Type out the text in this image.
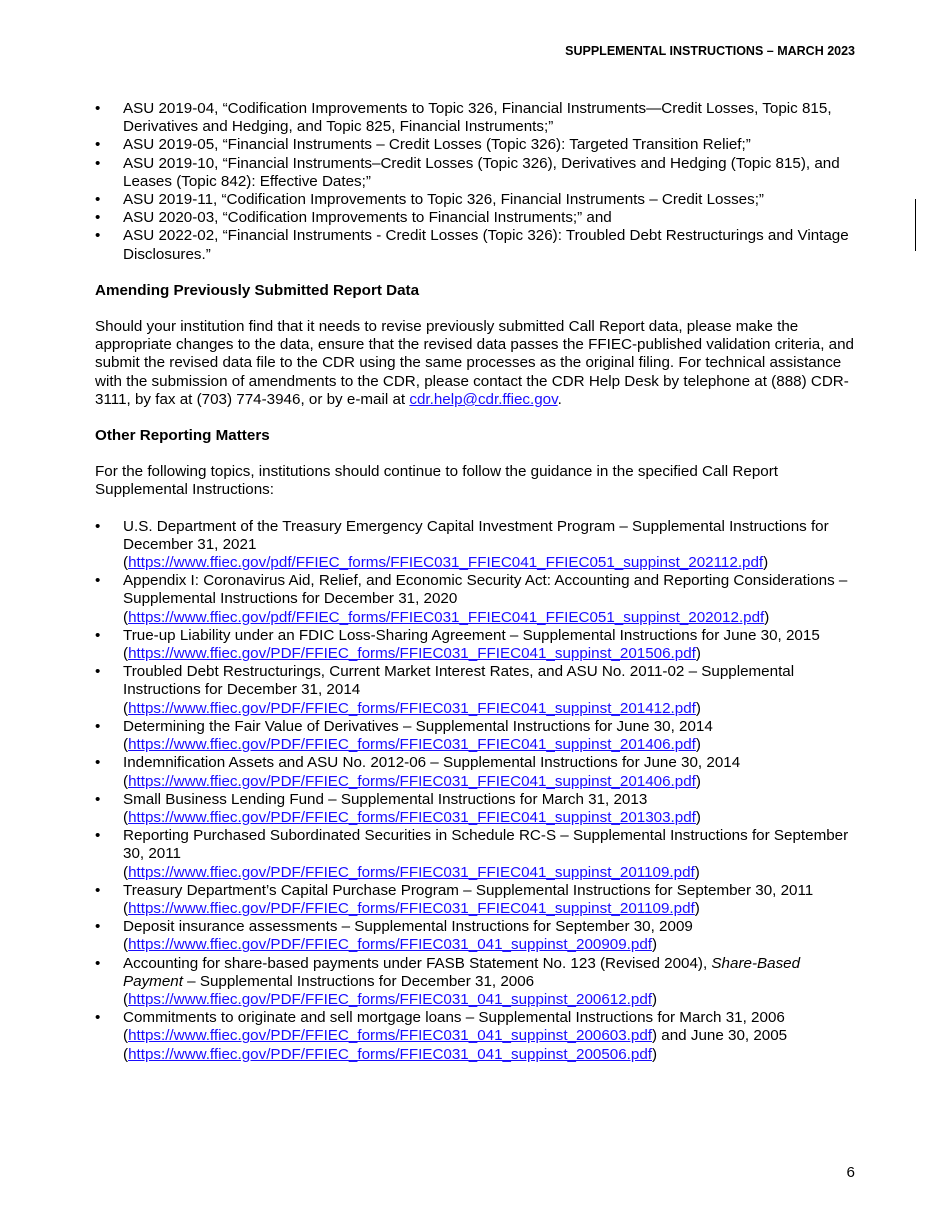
SUPPLEMENTAL INSTRUCTIONS – MARCH 2023
• ASU 2019-04, “Codification Improvements to Topic 326, Financial Instruments—Credit Losses, Topic 815, Derivatives and Hedging, and Topic 825, Financial Instruments;”
• ASU 2019-05, “Financial Instruments – Credit Losses (Topic 326): Targeted Transition Relief;”
• ASU 2019-10, “Financial Instruments–Credit Losses (Topic 326), Derivatives and Hedging (Topic 815), and Leases (Topic 842): Effective Dates;”
• ASU 2019-11, “Codification Improvements to Topic 326, Financial Instruments – Credit Losses;”
• ASU 2020-03, “Codification Improvements to Financial Instruments;” and
• ASU 2022-02, “Financial Instruments - Credit Losses (Topic 326): Troubled Debt Restructurings and Vintage Disclosures.”
Amending Previously Submitted Report Data

Should your institution find that it needs to revise previously submitted Call Report data, please make the appropriate changes to the data, ensure that the revised data passes the FFIEC-published validation criteria, and submit the revised data file to the CDR using the same processes as the original filing. For technical assistance with the submission of amendments to the CDR, please contact the CDR Help Desk by telephone at (888) CDR-3111, by fax at (703) 774-3946, or by e-mail at cdr.help@cdr.ffiec.gov.

Other Reporting Matters

For the following topics, institutions should continue to follow the guidance in the specified Call Report Supplemental Instructions:

• U.S. Department of the Treasury Emergency Capital Investment Program – Supplemental Instructions for December 31, 2021
(https://www.ffiec.gov/pdf/FFIEC_forms/FFIEC031_FFIEC041_FFIEC051_suppinst_202112.pdf)
• Appendix I: Coronavirus Aid, Relief, and Economic Security Act: Accounting and Reporting Considerations – Supplemental Instructions for December 31, 2020
(https://www.ffiec.gov/pdf/FFIEC_forms/FFIEC031_FFIEC041_FFIEC051_suppinst_202012.pdf)
• True-up Liability under an FDIC Loss-Sharing Agreement – Supplemental Instructions for June 30, 2015
(https://www.ffiec.gov/PDF/FFIEC_forms/FFIEC031_FFIEC041_suppinst_201506.pdf)
• Troubled Debt Restructurings, Current Market Interest Rates, and ASU No. 2011-02 – Supplemental Instructions for December 31, 2014
(https://www.ffiec.gov/PDF/FFIEC_forms/FFIEC031_FFIEC041_suppinst_201412.pdf)
• Determining the Fair Value of Derivatives – Supplemental Instructions for June 30, 2014
(https://www.ffiec.gov/PDF/FFIEC_forms/FFIEC031_FFIEC041_suppinst_201406.pdf)
• Indemnification Assets and ASU No. 2012-06 – Supplemental Instructions for June 30, 2014
(https://www.ffiec.gov/PDF/FFIEC_forms/FFIEC031_FFIEC041_suppinst_201406.pdf)
• Small Business Lending Fund – Supplemental Instructions for March 31, 2013
(https://www.ffiec.gov/PDF/FFIEC_forms/FFIEC031_FFIEC041_suppinst_201303.pdf)
• Reporting Purchased Subordinated Securities in Schedule RC-S – Supplemental Instructions for September 30, 2011
(https://www.ffiec.gov/PDF/FFIEC_forms/FFIEC031_FFIEC041_suppinst_201109.pdf)
• Treasury Department’s Capital Purchase Program – Supplemental Instructions for September 30, 2011
(https://www.ffiec.gov/PDF/FFIEC_forms/FFIEC031_FFIEC041_suppinst_201109.pdf)
• Deposit insurance assessments – Supplemental Instructions for September 30, 2009
(https://www.ffiec.gov/PDF/FFIEC_forms/FFIEC031_041_suppinst_200909.pdf)
• Accounting for share-based payments under FASB Statement No. 123 (Revised 2004), Share-Based Payment – Supplemental Instructions for December 31, 2006
(https://www.ffiec.gov/PDF/FFIEC_forms/FFIEC031_041_suppinst_200612.pdf)
• Commitments to originate and sell mortgage loans – Supplemental Instructions for March 31, 2006
(https://www.ffiec.gov/PDF/FFIEC_forms/FFIEC031_041_suppinst_200603.pdf) and June 30, 2005
(https://www.ffiec.gov/PDF/FFIEC_forms/FFIEC031_041_suppinst_200506.pdf)
6
